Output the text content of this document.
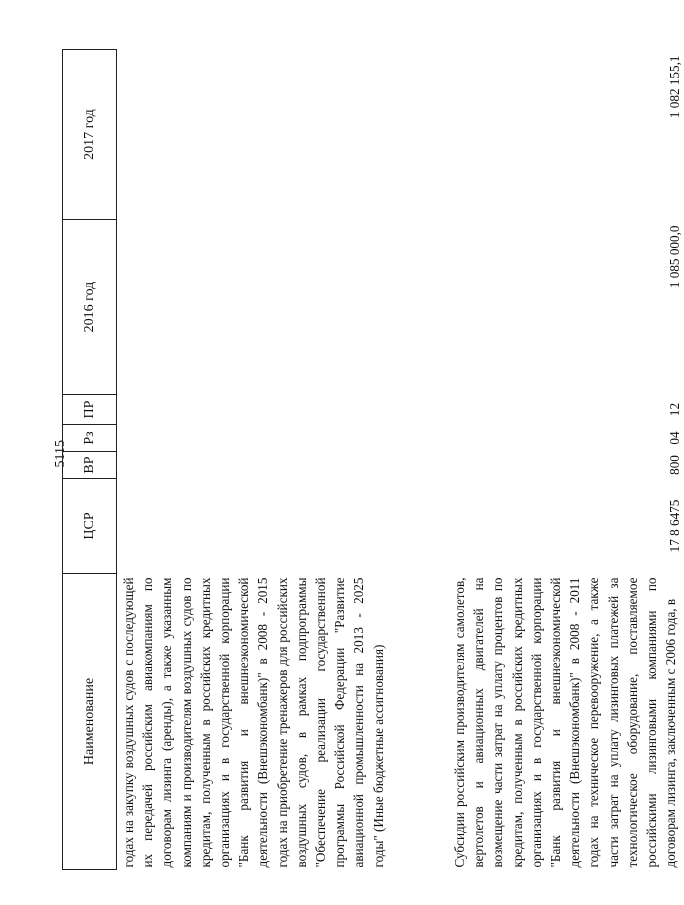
5115
Наименование	ЦСР	ВР	Рз	ПР	2016 год	2017 год
годах на закупку воздушных судов с последующей их передачей российским авиакомпаниям по договорам лизинга (аренды), а также указанным компаниям и производителям воздушных судов по кредитам, полученным в российских кредитных организациях и в государственной корпорации "Банк развития и внешнеэкономической деятельности (Внешэкономбанк)" в 2008 - 2015 годах на приобретение тренажеров для российских воздушных судов, в рамках подпрограммы "Обеспечение реализации государственной программы Российской Федерации "Развитие авиационной промышленности на 2013 - 2025 годы" (Иные бюджетные ассигнования)						
Субсидии российским производителям самолетов, вертолетов и авиационных двигателей на возмещение части затрат на уплату процентов по кредитам, полученным в российских кредитных организациях и в государственной корпорации "Банк развития и внешнеэкономической деятельности (Внешэкономбанк)" в 2008 - 2011 годах на техническое перевооружение, а также части затрат на уплату лизинговых платежей за технологическое оборудование, поставляемое российскими лизинговыми компаниями по договорам лизинга, заключенным с 2006 года, в	17 8 6475	800	04	12	1 085 000,0	1 082 155,1
